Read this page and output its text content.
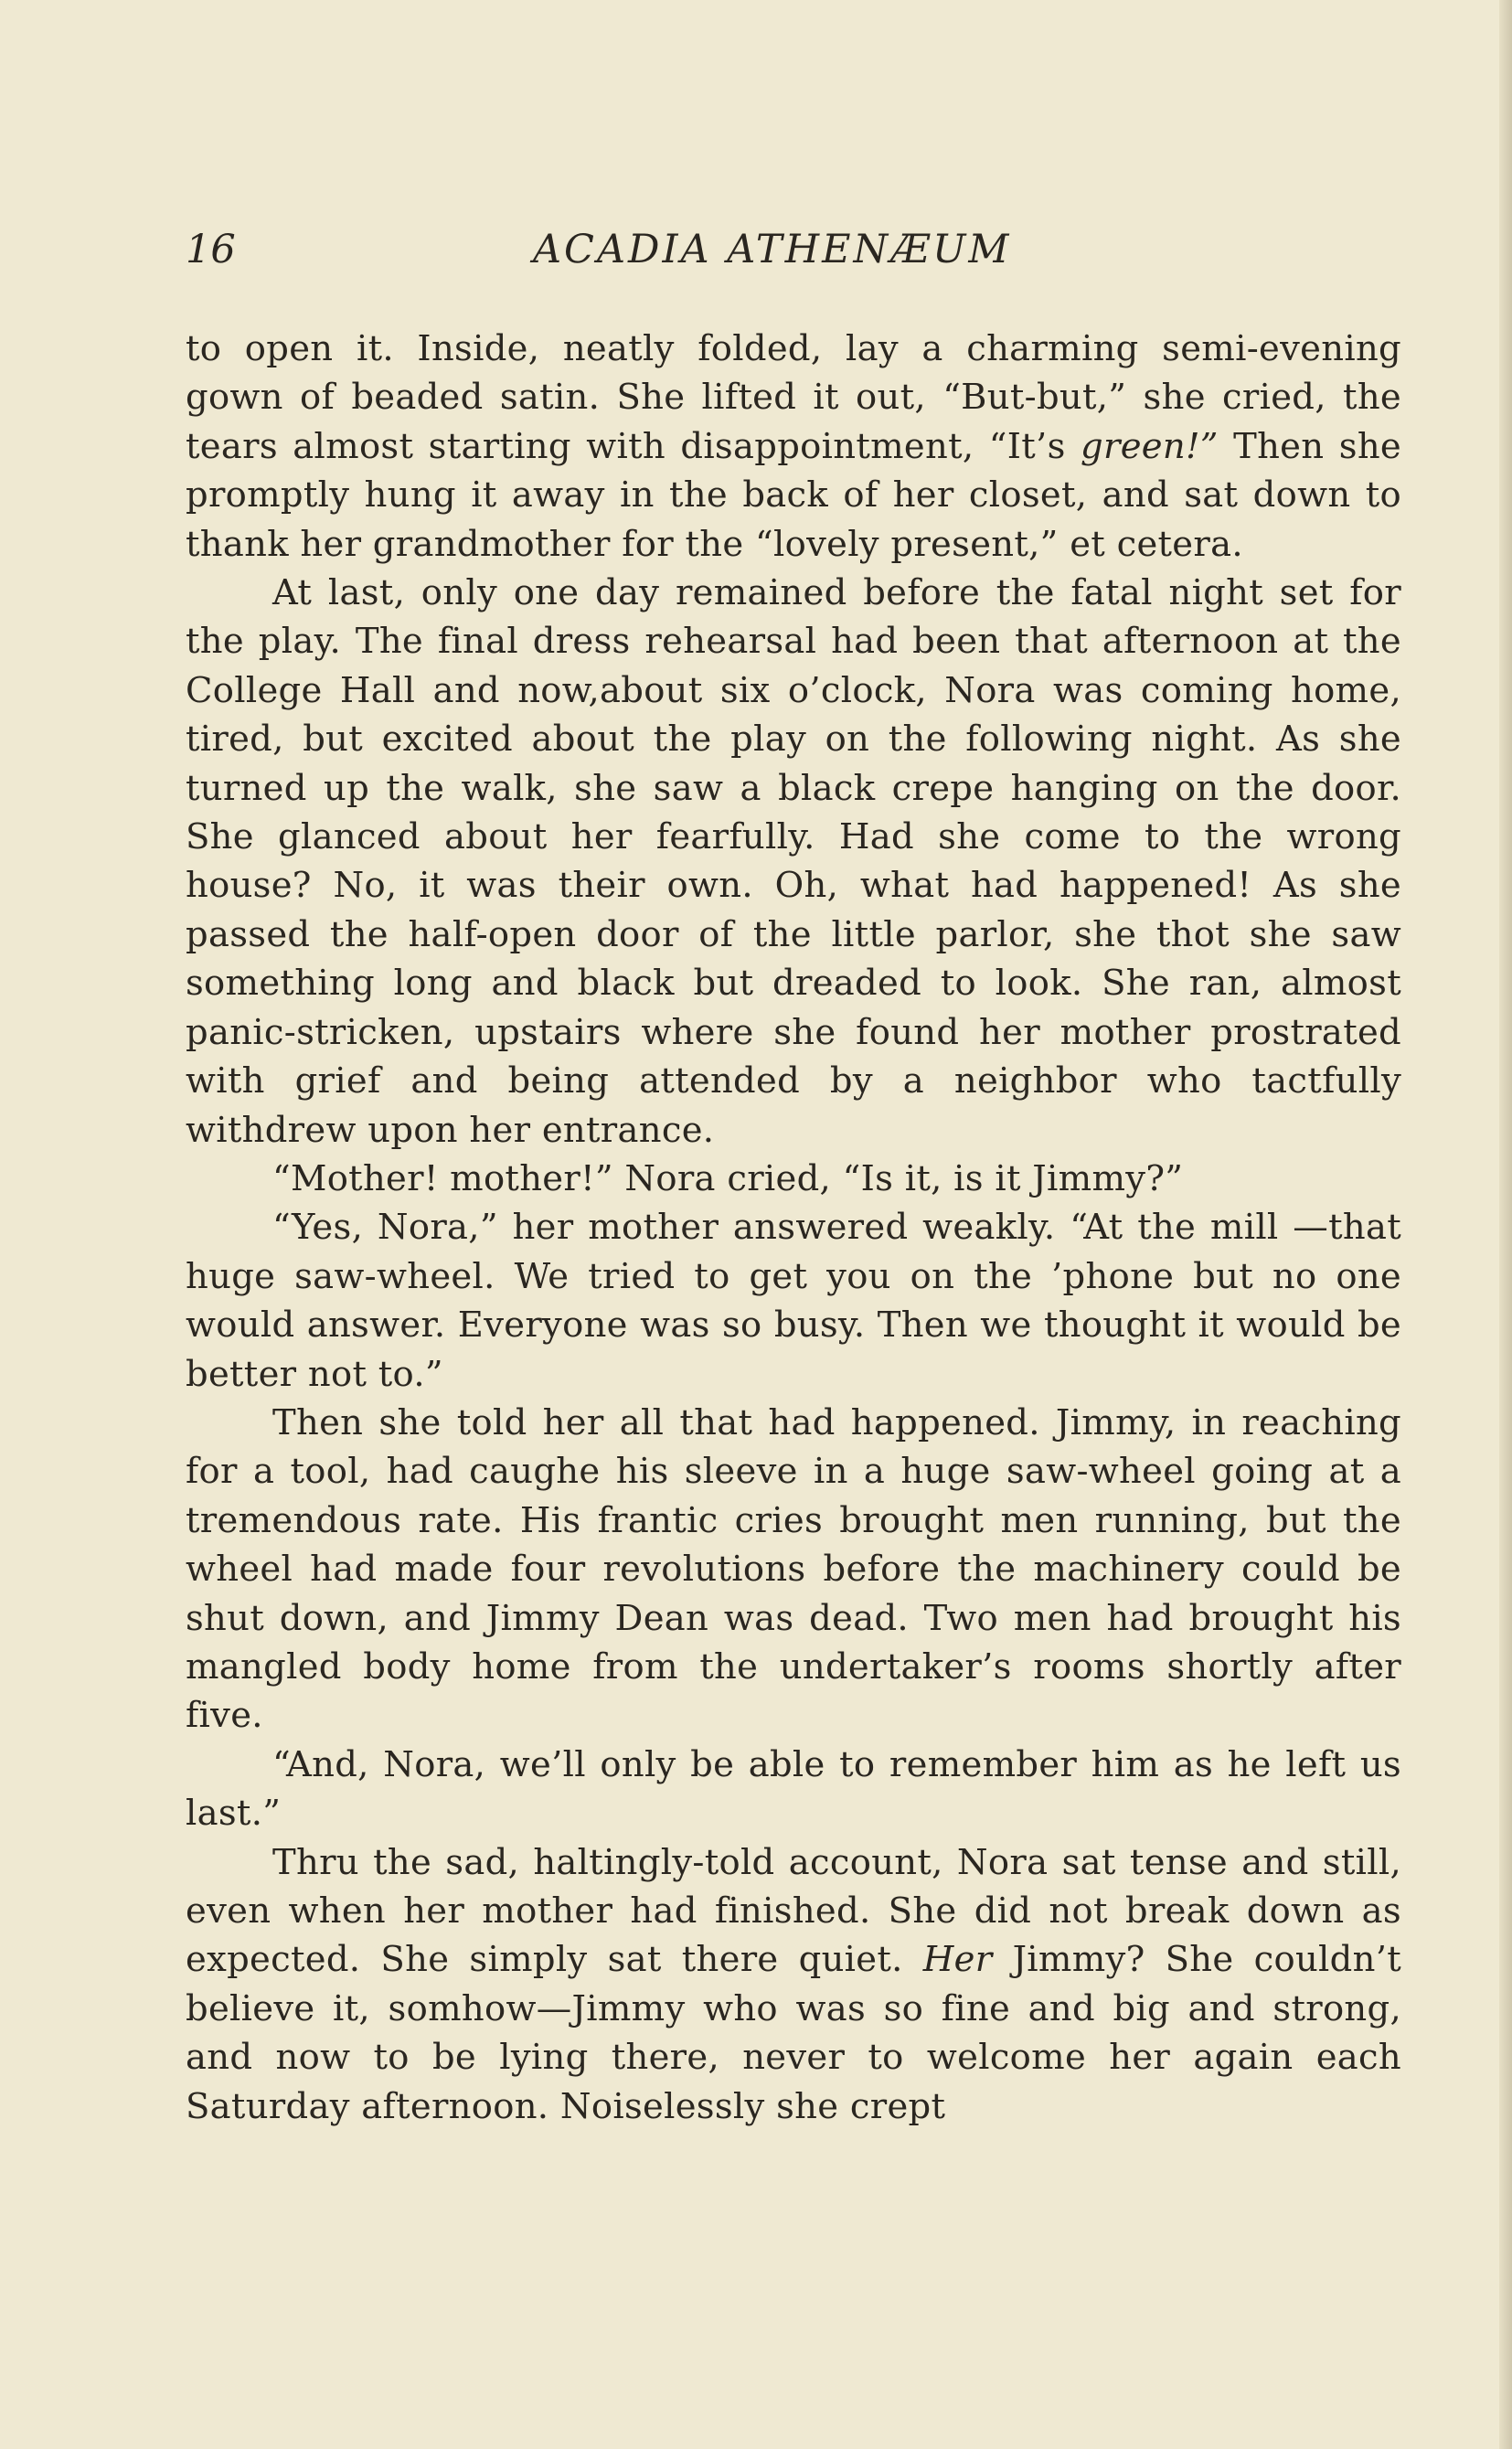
16	ACADIA ATHENÆUM

to open it. Inside, neatly folded, lay a charming semi-evening gown of beaded satin. She lifted it out, “But-but,” she cried, the tears almost starting with disappointment, “It’s green!” Then she promptly hung it away in the back of her closet, and sat down to thank her grandmother for the “lovely present,” et cetera.

At last, only one day remained before the fatal night set for the play. The final dress rehearsal had been that afternoon at the College Hall and now,about six o’clock, Nora was coming home, tired, but excited about the play on the following night. As she turned up the walk, she saw a black crepe hanging on the door. She glanced about her fearfully. Had she come to the wrong house? No, it was their own. Oh, what had happened! As she passed the half-open door of the little parlor, she thot she saw something long and black but dreaded to look. She ran, almost panic-stricken, upstairs where she found her mother prostrated with grief and being attended by a neighbor who tactfully withdrew upon her entrance.

“Mother! mother!” Nora cried, “Is it, is it Jimmy?”

“Yes, Nora,” her mother answered weakly. “At the mill —that huge saw-wheel. We tried to get you on the ’phone but no one would answer. Everyone was so busy. Then we thought it would be better not to.”

Then she told her all that had happened. Jimmy, in reaching for a tool, had caughe his sleeve in a huge saw-wheel going at a tremendous rate. His frantic cries brought men running, but the wheel had made four revolutions before the machinery could be shut down, and Jimmy Dean was dead. Two men had brought his mangled body home from the undertaker’s rooms shortly after five.

“And, Nora, we’ll only be able to remember him as he left us last.”

Thru the sad, haltingly-told account, Nora sat tense and still, even when her mother had finished. She did not break down as expected. She simply sat there quiet. Her Jimmy? She couldn’t believe it, somhow—Jimmy who was so fine and big and strong, and now to be lying there, never to welcome her again each Saturday afternoon. Noiselessly she crept
